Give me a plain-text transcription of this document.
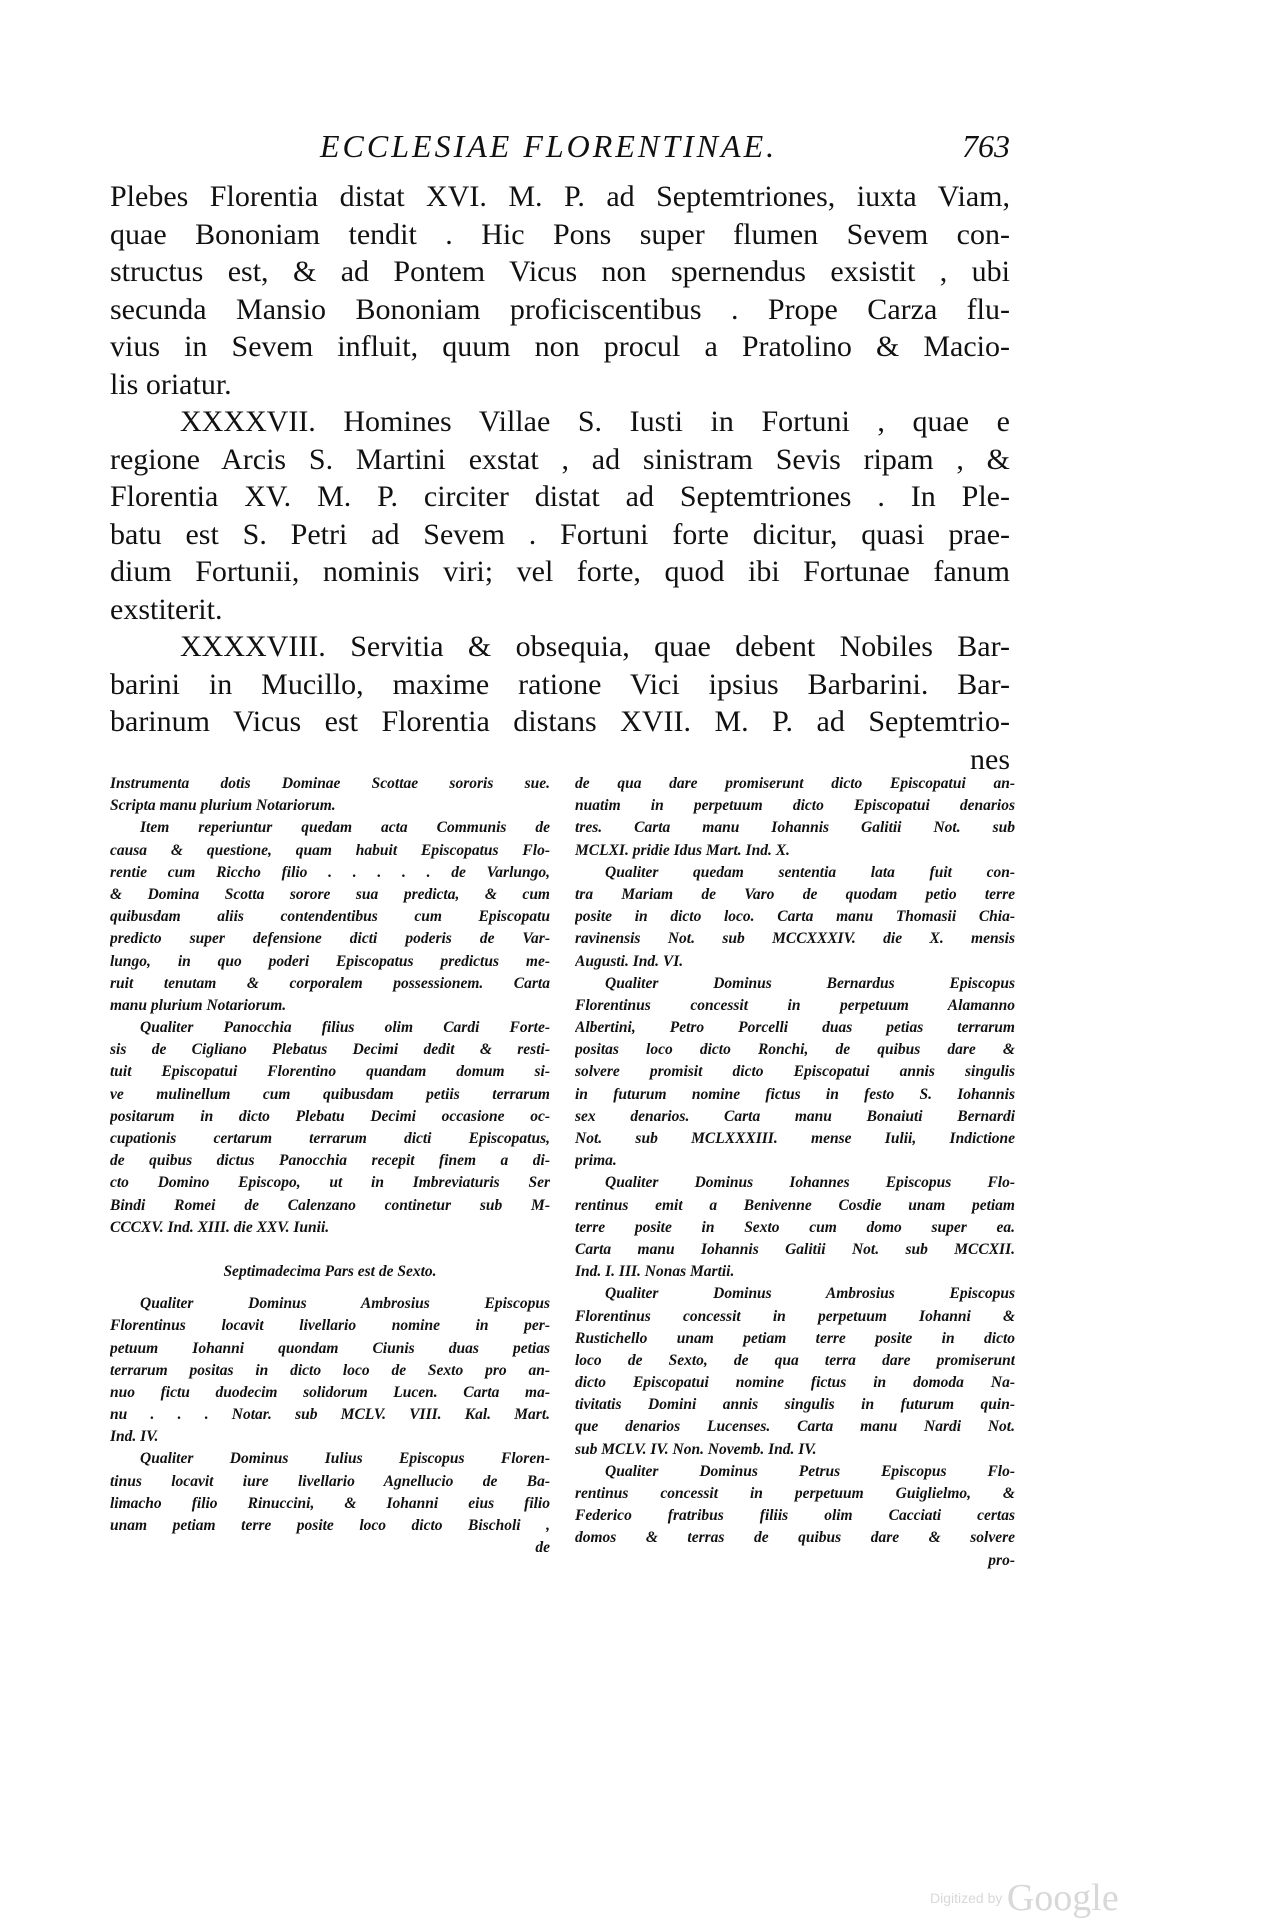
ECCLESIAE FLORENTINAE.	763
Plebes Florentia distat XVI. M. P. ad Septemtriones, iuxta Viam,
quae Bononiam tendit . Hic Pons super flumen Sevem con-
structus est, & ad Pontem Vicus non spernendus exsistit , ubi
secunda Mansio Bononiam proficiscentibus . Prope Carza flu-
vius in Sevem influit, quum non procul a Pratolino & Macio-
lis oriatur.
XXXXVII. Homines Villae S. Iusti in Fortuni , quae e
regione Arcis S. Martini exstat , ad sinistram Sevis ripam , &
Florentia XV. M. P. circiter distat ad Septemtriones . In Ple-
batu est S. Petri ad Sevem . Fortuni forte dicitur, quasi prae-
dium Fortunii, nominis viri; vel forte, quod ibi Fortunae fanum
exstiterit.
XXXXVIII. Servitia & obsequia, quae debent Nobiles Bar-
barini in Mucillo, maxime ratione Vici ipsius Barbarini. Bar-
barinum Vicus est Florentia distans XVII. M. P. ad Septemtrio-
nes
Instrumenta dotis Dominae Scottae sororis sue.
Scripta manu plurium Notariorum.
Item reperiuntur quedam acta Communis de
causa & questione, quam habuit Episcopatus Flo-
rentie cum Riccho filio . . . . . de Varlungo,
& Domina Scotta sorore sua predicta, & cum
quibusdam aliis contendentibus cum Episcopatu
predicto super defensione dicti poderis de Var-
lungo, in quo poderi Episcopatus predictus me-
ruit tenutam & corporalem possessionem. Carta
manu plurium Notariorum.
Qualiter Panocchia filius olim Cardi Forte-
sis de Cigliano Plebatus Decimi dedit & resti-
tuit Episcopatui Florentino quandam domum si-
ve mulinellum cum quibusdam petiis terrarum
positarum in dicto Plebatu Decimi occasione oc-
cupationis certarum terrarum dicti Episcopatus,
de quibus dictus Panocchia recepit finem a di-
cto Domino Episcopo, ut in Imbreviaturis Ser
Bindi Romei de Calenzano continetur sub M-
CCCXV. Ind. XIII. die XXV. Iunii.
Septimadecima Pars est de Sexto.
Qualiter Dominus Ambrosius Episcopus
Florentinus locavit livellario nomine in per-
petuum Iohanni quondam Ciunis duas petias
terrarum positas in dicto loco de Sexto pro an-
nuo fictu duodecim solidorum Lucen. Carta ma-
nu . . . Notar. sub MCLV. VIII. Kal. Mart.
Ind. IV.
Qualiter Dominus Iulius Episcopus Floren-
tinus locavit iure livellario Agnellucio de Ba-
limacho filio Rinuccini, & Iohanni eius filio
unam petiam terre posite loco dicto Bischoli ,
de
de qua dare promiserunt dicto Episcopatui an-
nuatim in perpetuum dicto Episcopatui denarios
tres. Carta manu Iohannis Galitii Not. sub
MCLXI. pridie Idus Mart. Ind. X.
Qualiter quedam sententia lata fuit con-
tra Mariam de Varo de quodam petio terre
posite in dicto loco. Carta manu Thomasii Chia-
ravinensis Not. sub MCCXXXIV. die X. mensis
Augusti. Ind. VI.
Qualiter Dominus Bernardus Episcopus
Florentinus concessit in perpetuum Alamanno
Albertini, Petro Porcelli duas petias terrarum
positas loco dicto Ronchi, de quibus dare &
solvere promisit dicto Episcopatui annis singulis
in futurum nomine fictus in festo S. Iohannis
sex denarios. Carta manu Bonaiuti Bernardi
Not. sub MCLXXXIII. mense Iulii, Indictione
prima.
Qualiter Dominus Iohannes Episcopus Flo-
rentinus emit a Benivenne Cosdie unam petiam
terre posite in Sexto cum domo super ea.
Carta manu Iohannis Galitii Not. sub MCCXII.
Ind. I. III. Nonas Martii.
Qualiter Dominus Ambrosius Episcopus
Florentinus concessit in perpetuum Iohanni &
Rustichello unam petiam terre posite in dicto
loco de Sexto, de qua terra dare promiserunt
dicto Episcopatui nomine fictus in domoda Na-
tivitatis Domini annis singulis in futurum quin-
que denarios Lucenses. Carta manu Nardi Not.
sub MCLV. IV. Non. Novemb. Ind. IV.
Qualiter Dominus Petrus Episcopus Flo-
rentinus concessit in perpetuum Guiglielmo, &
Federico fratribus filiis olim Cacciati certas
domos & terras de quibus dare & solvere
pro-
Digitized by Google
